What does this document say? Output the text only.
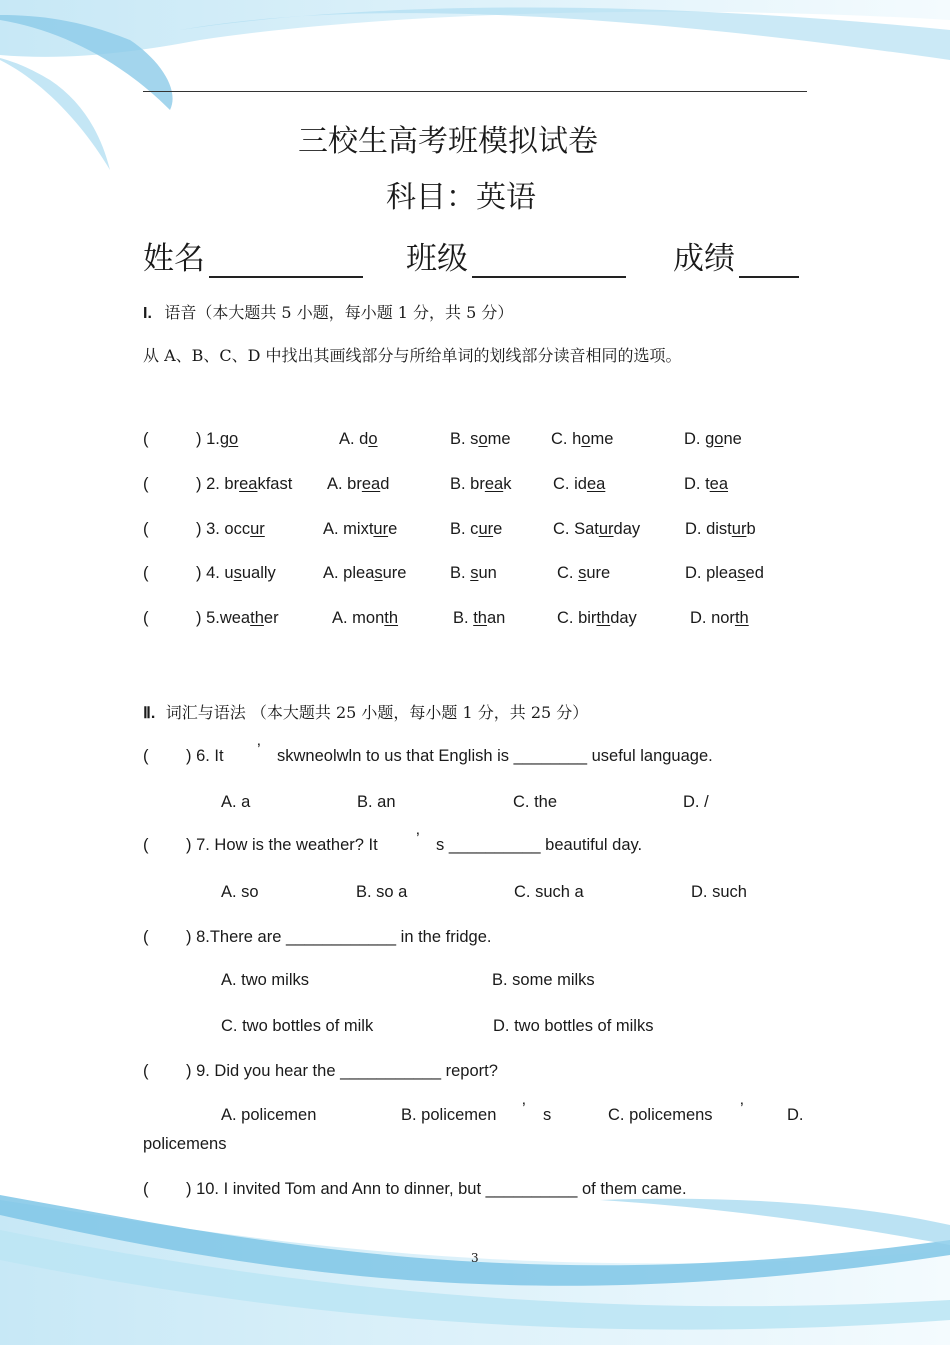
三校生高考班模拟试卷
科目：英语
姓名	班级	成绩
I. 语音（本大题共 5 小题，每小题 1 分，共 5 分）
从 A、B、C、D 中找出其画线部分与所给单词的划线部分读音相同的选项。
(	) 1.go	A. do	B. some C. home	D. gone
(	) 2. breakfast A. bread	B. break	C. idea	D. tea
(	) 3. occur	A. mixture	B. cure	C. Saturday	D. disturb
(	) 4. usually	A. pleasure	B. sun	C. sure	D. pleased
(	) 5.weather	A. month	B. than	C. birthday	D. north
Ⅱ. 词汇与语法 （本大题共 25 小题，每小题 1 分，共 25 分）
( ) 6. It ’ skwneolwln to us that English is ________ useful language.
A. a	B. an	C. the	D. /
( ) 7. How is the weather? It ’ s __________ beautiful day.
A. so	B. so a	C. such a	D. such
( ) 8.There are ____________ in the fridge.
A. two milks	B. some milks
C. two bottles of milk	D. two bottles of milks
( ) 9. Did you hear the ___________ report?
A. policemen	B. policemen ’ s	C. policemens ’	D.
policemens
( ) 10. I invited Tom and Ann to dinner, but __________ of them came.
3
